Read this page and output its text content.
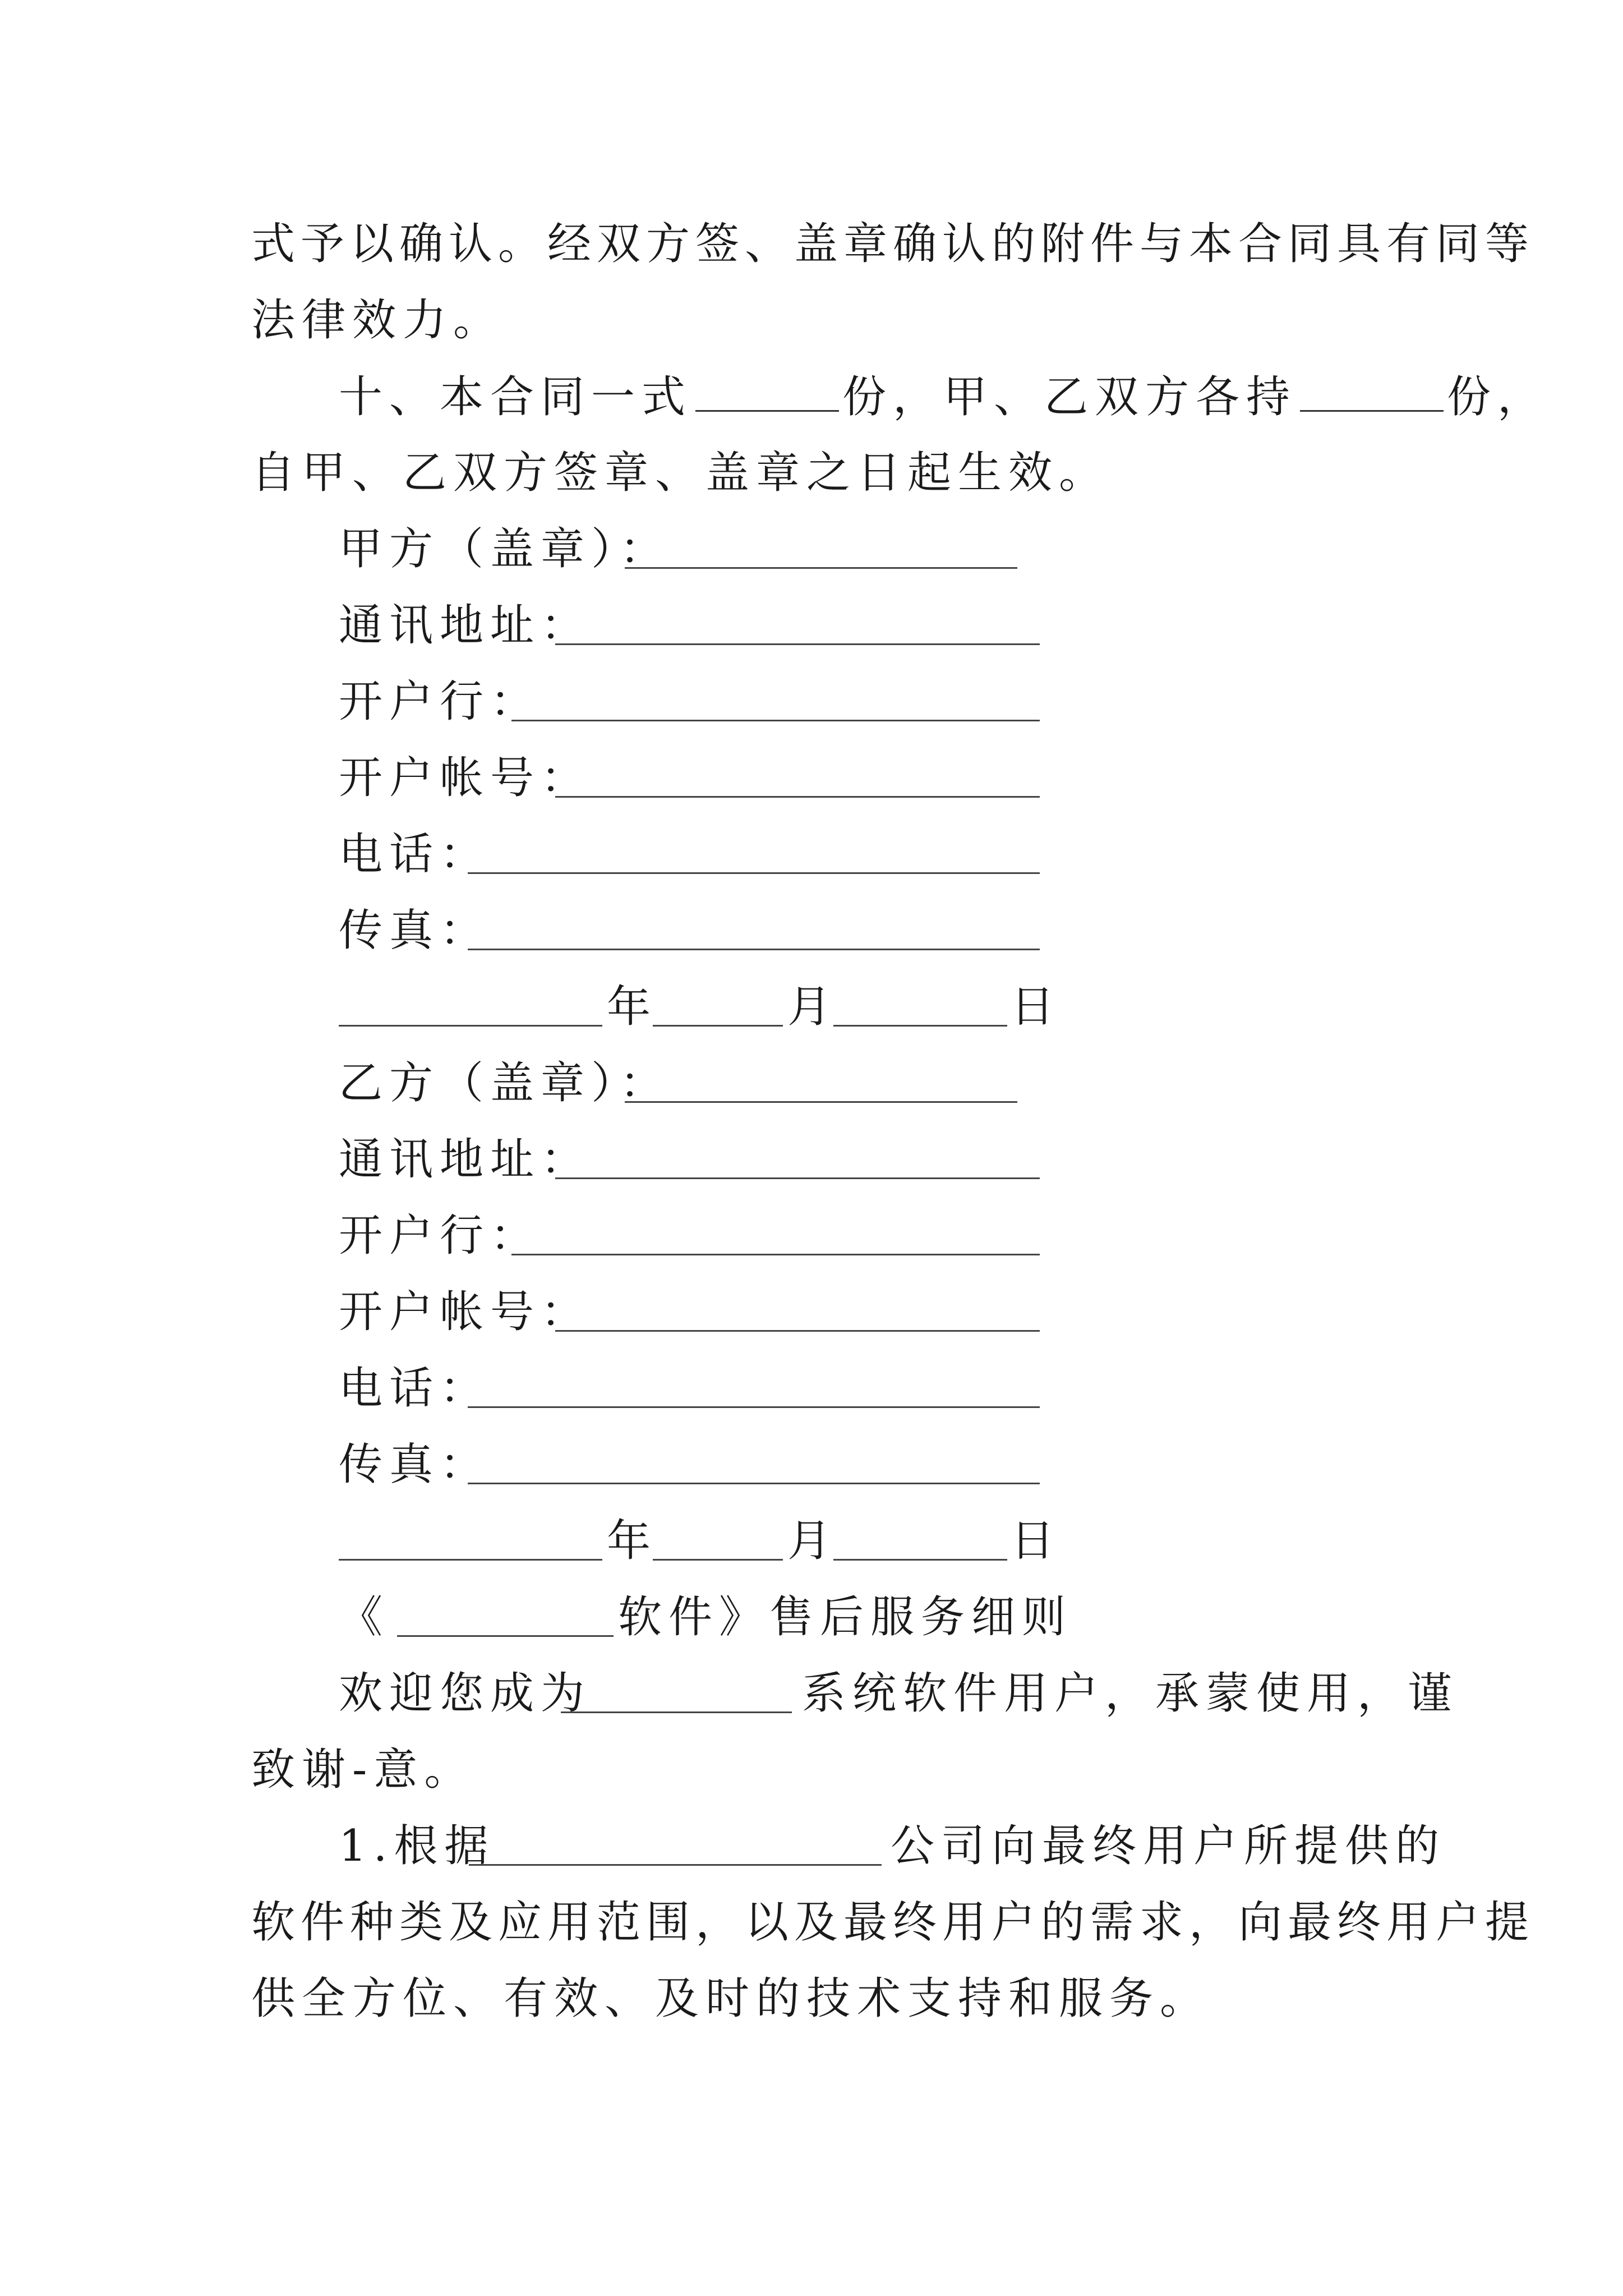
式予以确认。经双方签、盖章确认的附件与本合同具有同等
法律效力。
十、本合同一式	份，甲、乙双方各持	份，
自甲、乙双方签章、盖章之日起生效。
甲方（盖章）：
通讯地址：
开户行：
开户帐号：
电话：
传真：
年	月	日
乙方（盖章）：
通讯地址：
开户行：
开户帐号：
电话：
传真：
年	月	日
《	软件》售后服务细则
欢迎您成为	系统软件用户，承蒙使用，谨
致谢-意。
1.根据	公司向最终用户所提供的
软件种类及应用范围，以及最终用户的需求，向最终用户提
供全方位、有效、及时的技术支持和服务。
